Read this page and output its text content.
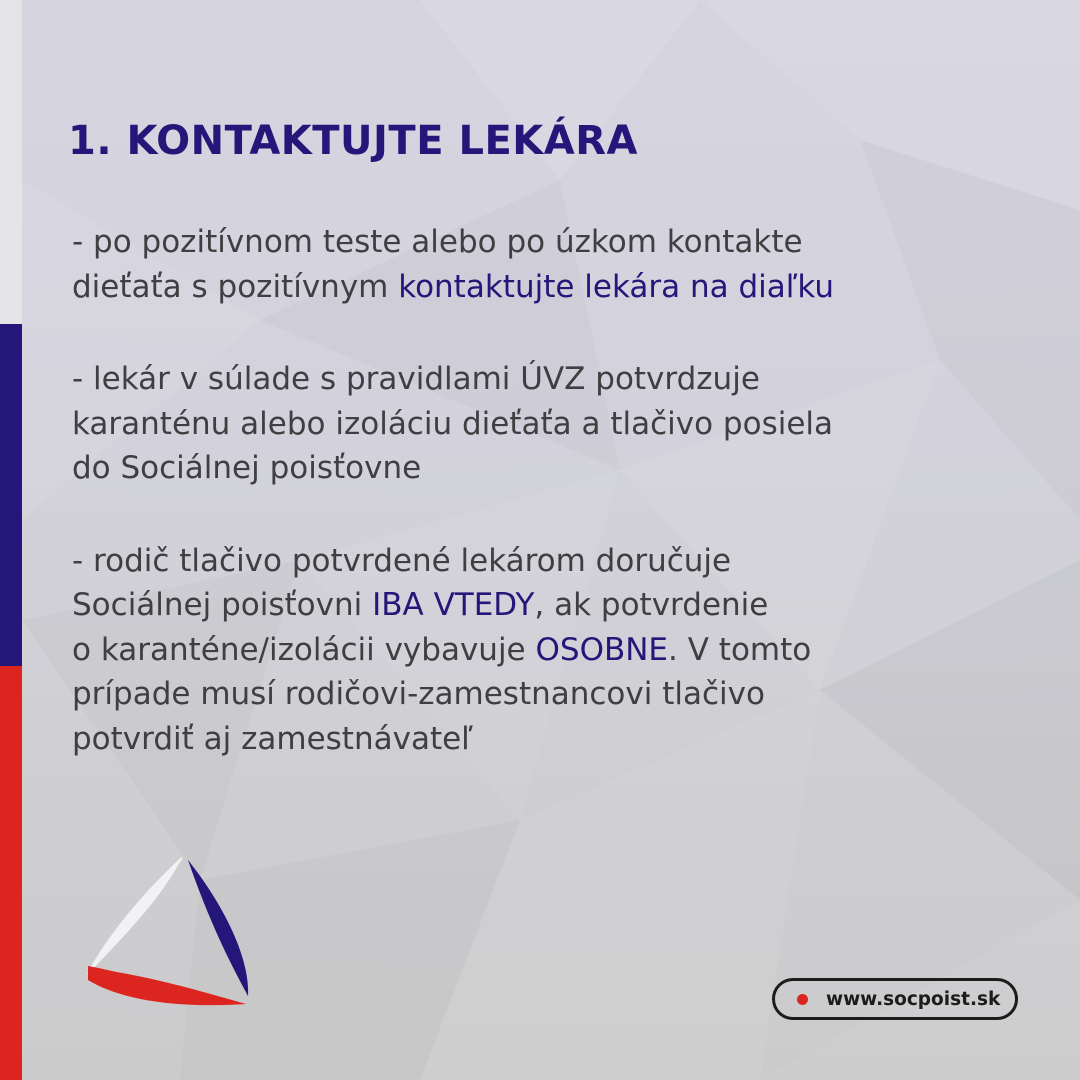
1. KONTAKTUJTE LEKÁRA

- po pozitívnom teste alebo po úzkom kontakte
dieťaťa s pozitívnym kontaktujte lekára na diaľku

- lekár v súlade s pravidlami ÚVZ potvrdzuje
karanténu alebo izoláciu dieťaťa a tlačivo posiela
do Sociálnej poisťovne

- rodič tlačivo potvrdené lekárom doručuje
Sociálnej poisťovni IBA VTEDY, ak potvrdenie
o karanténe/izolácii vybavuje OSOBNE. V tomto
prípade musí rodičovi-zamestnancovi tlačivo
potvrdiť aj zamestnávateľ

www.socpoist.sk
